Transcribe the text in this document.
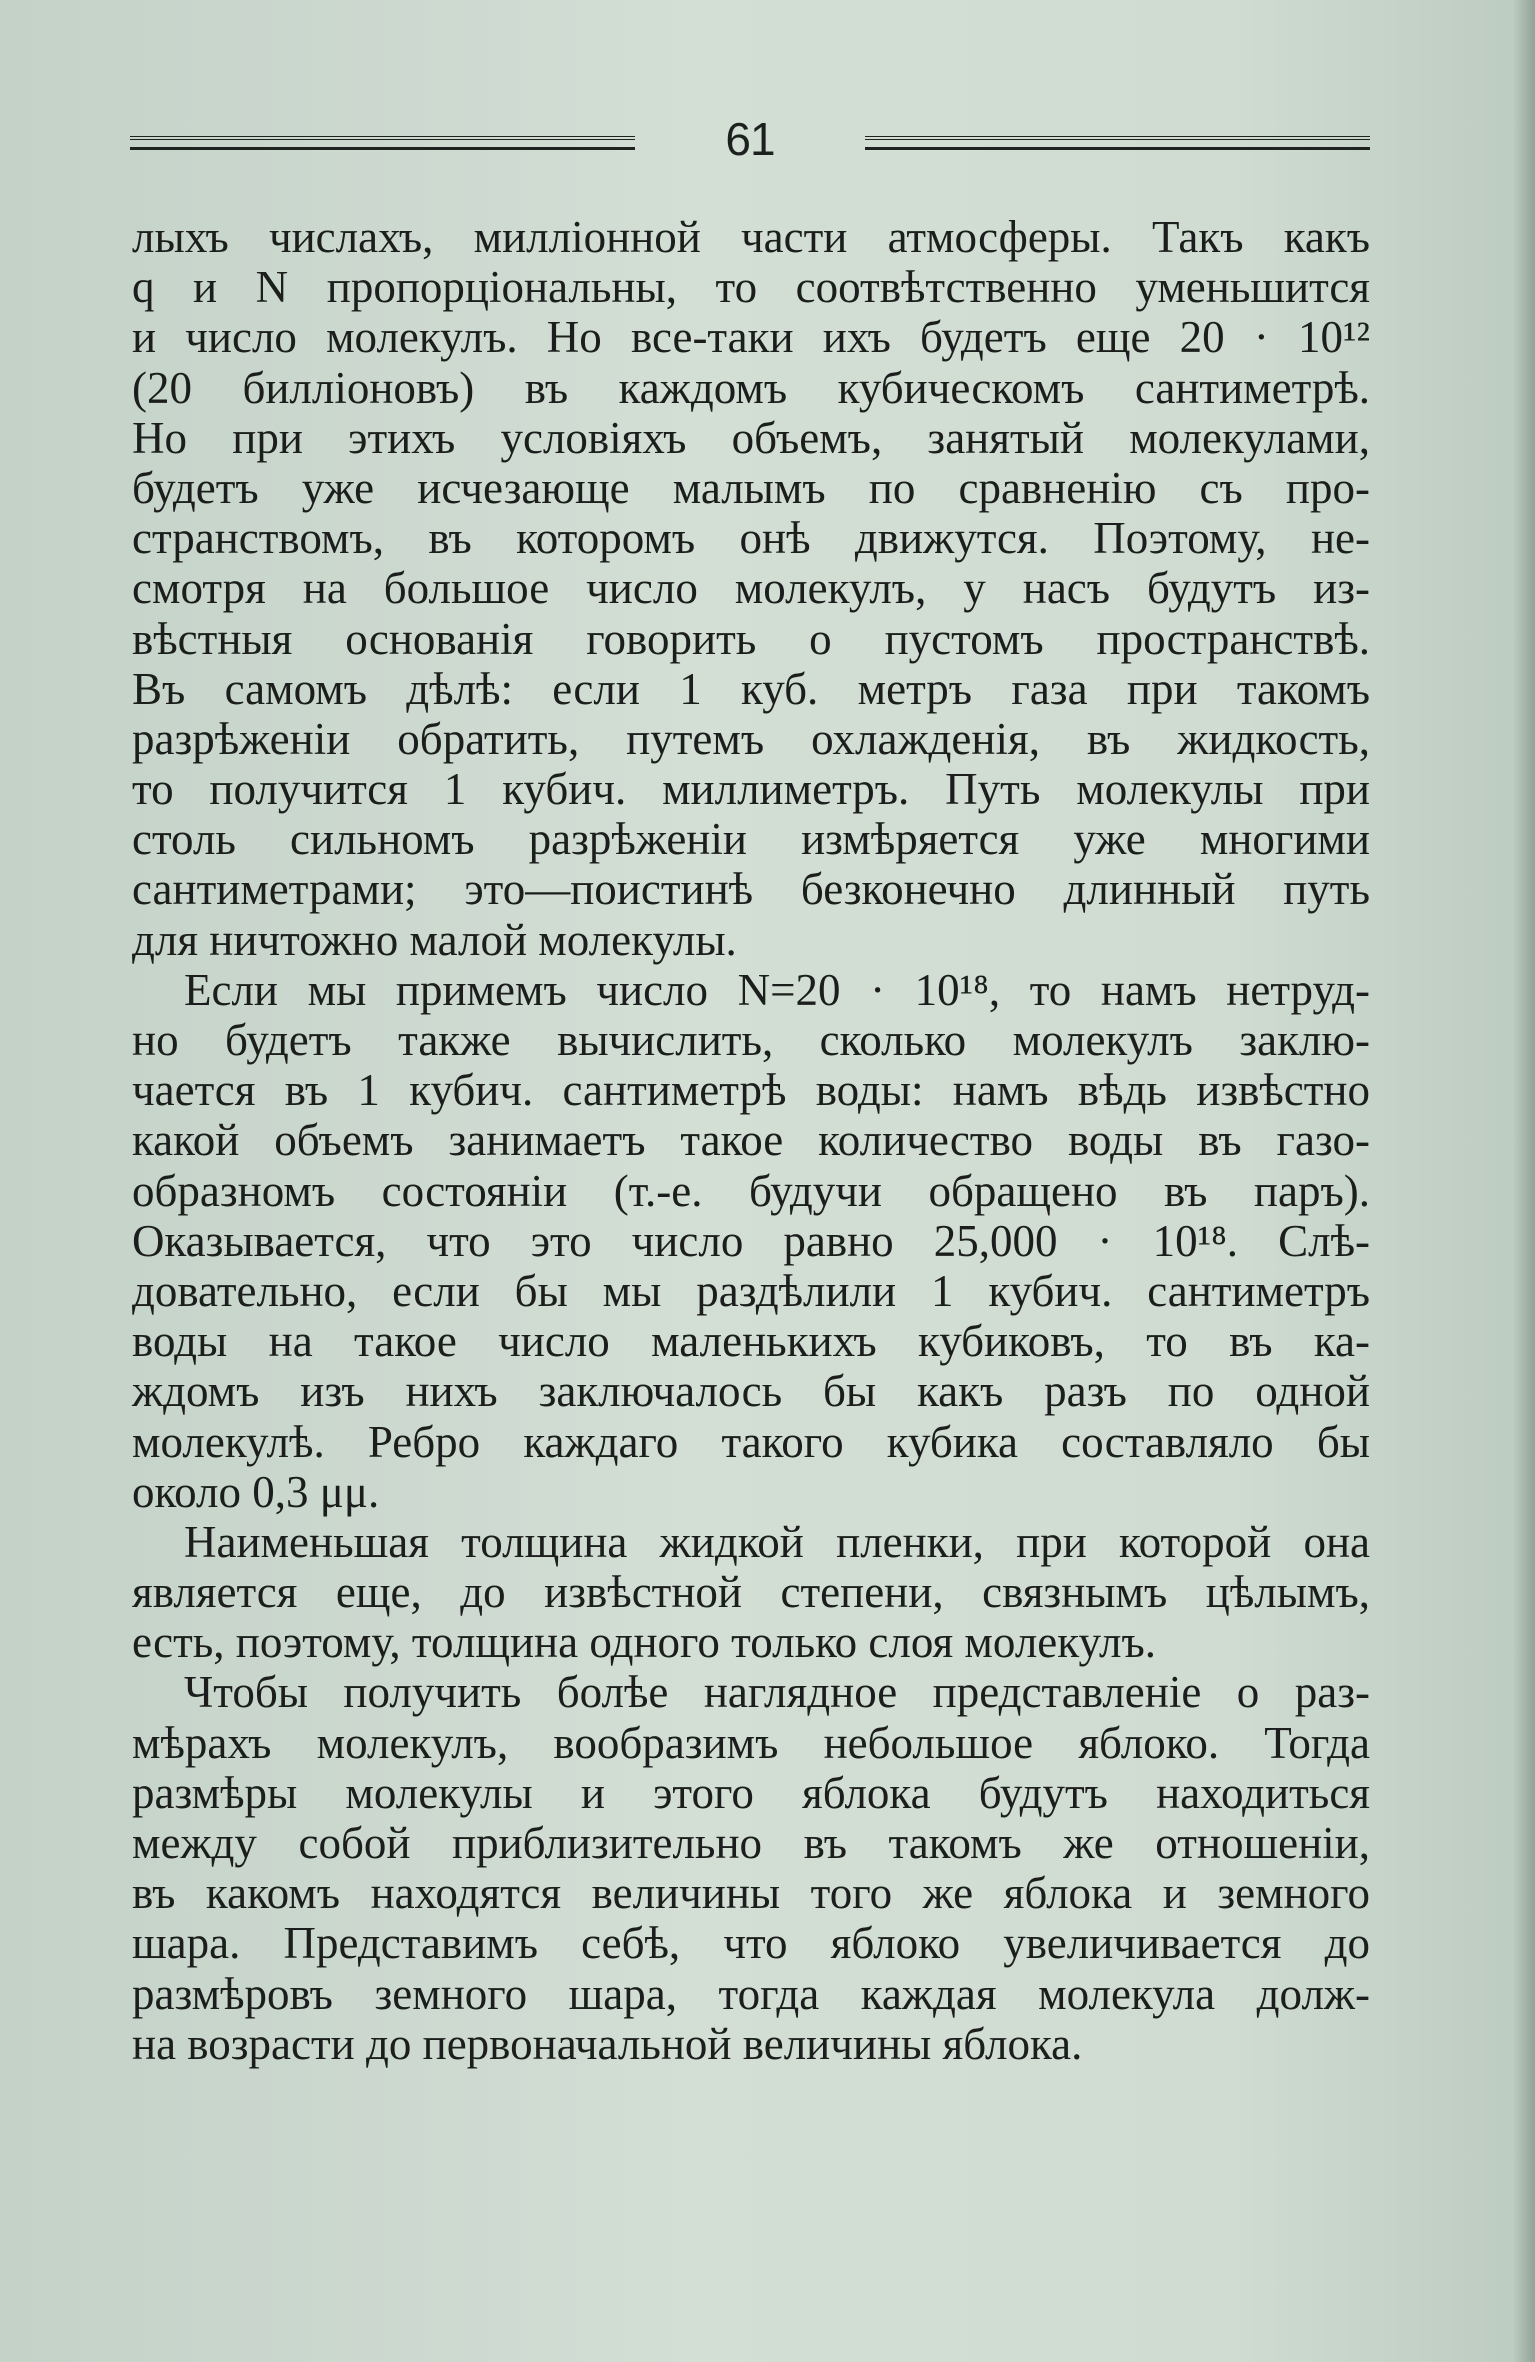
61

лыхъ числахъ, милліонной части атмосферы. Такъ какъ
q и N пропорціональны, то соотвѣтственно уменьшится
и число молекулъ. Но все-таки ихъ будетъ еще 20 · 10¹²
(20 билліоновъ) въ каждомъ кубическомъ сантиметрѣ.
Но при этихъ условіяхъ объемъ, занятый молекулами,
будетъ уже исчезающе малымъ по сравненію съ про-
странствомъ, въ которомъ онѣ движутся. Поэтому, не-
смотря на большое число молекулъ, у насъ будутъ из-
вѣстныя основанія говорить о пустомъ пространствѣ.
Въ самомъ дѣлѣ: если 1 куб. метръ газа при такомъ
разрѣженіи обратить, путемъ охлажденія, въ жидкость,
то получится 1 кубич. миллиметръ. Путь молекулы при
столь сильномъ разрѣженіи измѣряется уже многими
сантиметрами; это—поистинѣ безконечно длинный путь
для ничтожно малой молекулы.

Если мы примемъ число N=20 · 10¹⁸, то намъ нетруд-
но будетъ также вычислить, сколько молекулъ заклю-
чается въ 1 кубич. сантиметрѣ воды: намъ вѣдь извѣстно
какой объемъ занимаетъ такое количество воды въ газо-
образномъ состояніи (т.-е. будучи обращено въ паръ).
Оказывается, что это число равно 25,000 · 10¹⁸. Слѣ-
довательно, если бы мы раздѣлили 1 кубич. сантиметръ
воды на такое число маленькихъ кубиковъ, то въ ка-
ждомъ изъ нихъ заключалось бы какъ разъ по одной
молекулѣ. Ребро каждаго такого кубика составляло бы
около 0,3 μμ.

Наименьшая толщина жидкой пленки, при которой она
является еще, до извѣстной степени, связнымъ цѣлымъ,
есть, поэтому, толщина одного только слоя молекулъ.

Чтобы получить болѣе наглядное представленіе о раз-
мѣрахъ молекулъ, вообразимъ небольшое яблоко. Тогда
размѣры молекулы и этого яблока будутъ находиться
между собой приблизительно въ такомъ же отношеніи,
въ какомъ находятся величины того же яблока и земного
шара. Представимъ себѣ, что яблоко увеличивается до
размѣровъ земного шара, тогда каждая молекула долж-
на возрасти до первоначальной величины яблока.
